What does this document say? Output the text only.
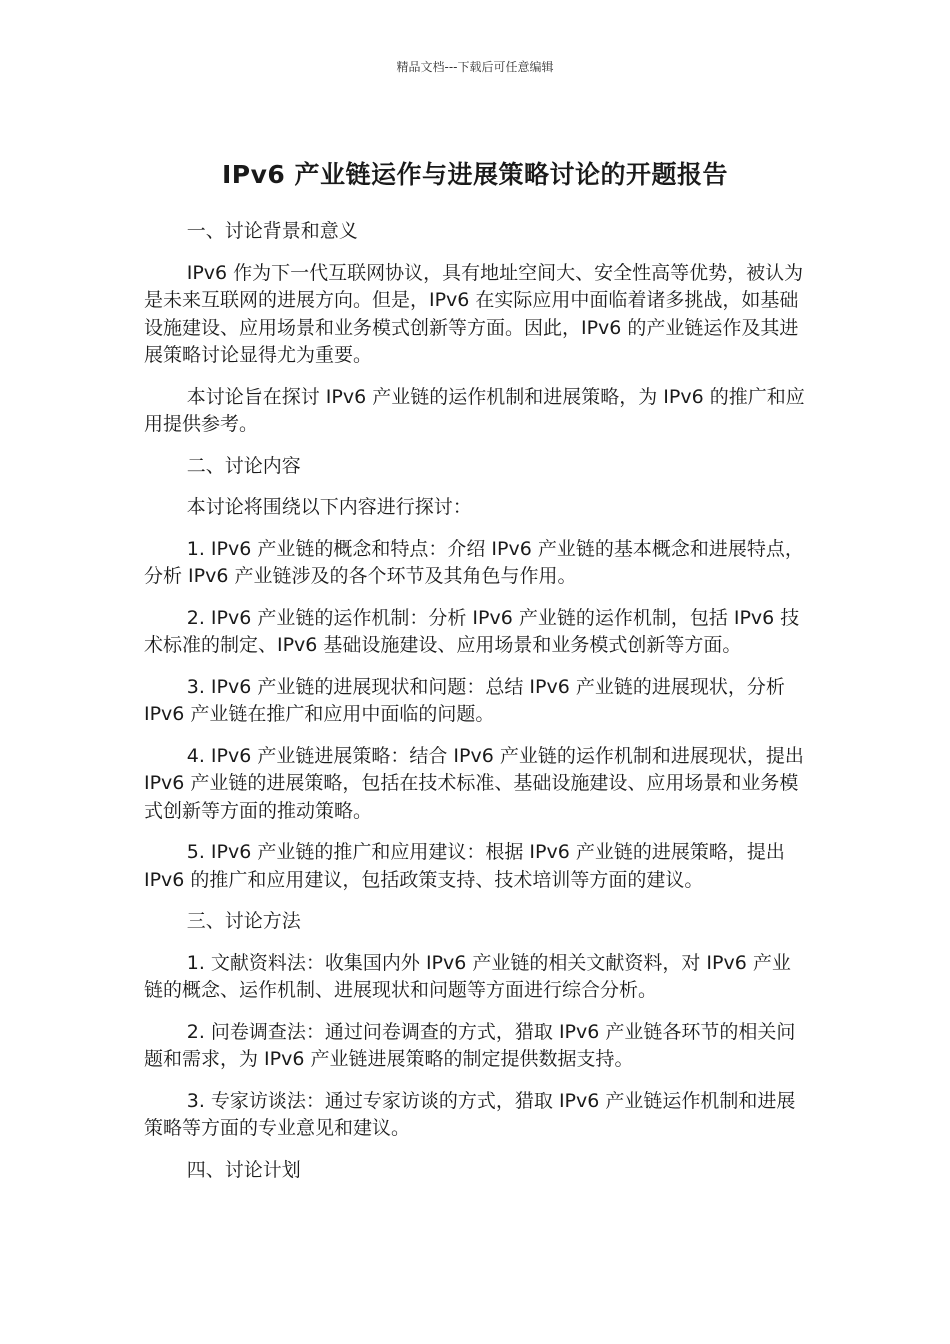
精品文档---下载后可任意编辑
IPv6 产业链运作与进展策略讨论的开题报告
一、讨论背景和意义

IPv6 作为下一代互联网协议，具有地址空间大、安全性高等优势，被认为是未来互联网的进展方向。但是，IPv6 在实际应用中面临着诸多挑战，如基础设施建设、应用场景和业务模式创新等方面。因此，IPv6 的产业链运作及其进展策略讨论显得尤为重要。

本讨论旨在探讨 IPv6 产业链的运作机制和进展策略，为 IPv6 的推广和应用提供参考。

二、讨论内容

本讨论将围绕以下内容进行探讨：

1. IPv6 产业链的概念和特点：介绍 IPv6 产业链的基本概念和进展特点，分析 IPv6 产业链涉及的各个环节及其角色与作用。

2. IPv6 产业链的运作机制：分析 IPv6 产业链的运作机制，包括 IPv6 技术标准的制定、IPv6 基础设施建设、应用场景和业务模式创新等方面。

3. IPv6 产业链的进展现状和问题：总结 IPv6 产业链的进展现状，分析 IPv6 产业链在推广和应用中面临的问题。

4. IPv6 产业链进展策略：结合 IPv6 产业链的运作机制和进展现状，提出 IPv6 产业链的进展策略，包括在技术标准、基础设施建设、应用场景和业务模式创新等方面的推动策略。

5. IPv6 产业链的推广和应用建议：根据 IPv6 产业链的进展策略，提出 IPv6 的推广和应用建议，包括政策支持、技术培训等方面的建议。

三、讨论方法

1. 文献资料法：收集国内外 IPv6 产业链的相关文献资料，对 IPv6 产业链的概念、运作机制、进展现状和问题等方面进行综合分析。

2. 问卷调查法：通过问卷调查的方式，猎取 IPv6 产业链各环节的相关问题和需求，为 IPv6 产业链进展策略的制定提供数据支持。

3. 专家访谈法：通过专家访谈的方式，猎取 IPv6 产业链运作机制和进展策略等方面的专业意见和建议。

四、讨论计划
